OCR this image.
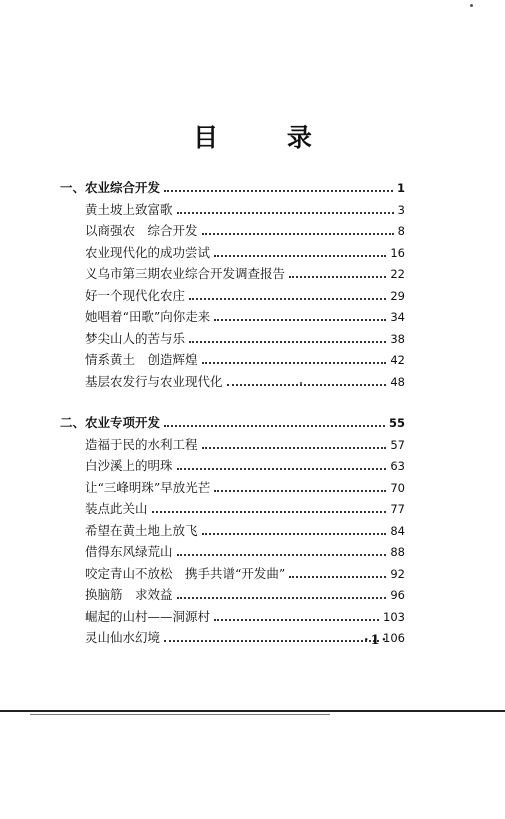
目 录
一、农业综合开发	1
黄土坡上致富歌	3
以商强农　综合开发	8
农业现代化的成功尝试	16
义乌市第三期农业综合开发调查报告	22
好一个现代化农庄	29
她唱着“田歌”向你走来	34
梦尖山人的苦与乐	38
情系黄土　创造辉煌	42
基层农发行与农业现代化	48
二、农业专项开发	55
造福于民的水利工程	57
白沙溪上的明珠	63
让“三峰明珠”早放光芒	70
装点此关山	77
希望在黄土地上放飞	84
借得东风绿荒山	88
咬定青山不放松　携手共谱“开发曲”	92
换脑筋　求效益	96
崛起的山村——洞源村	103
灵山仙水幻境	106
·1·
